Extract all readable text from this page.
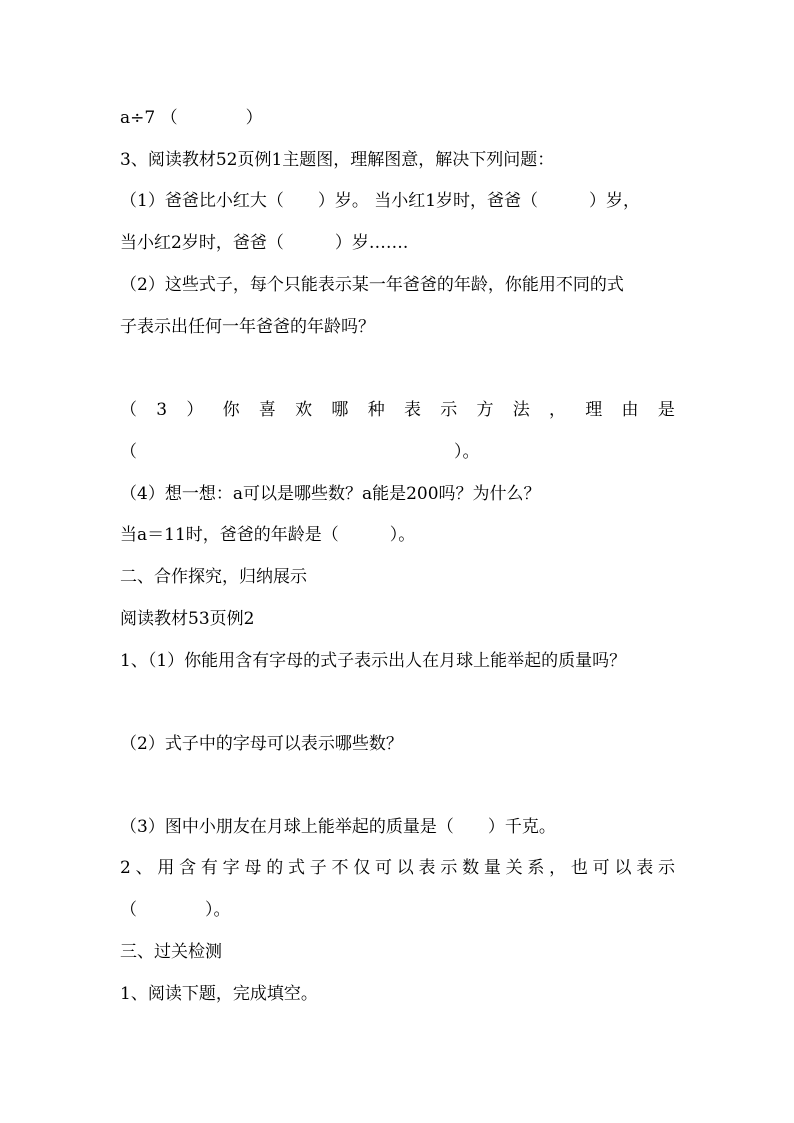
a÷7 （　　　　）
3、阅读教材52页例1主题图，理解图意，解决下列问题：
（1）爸爸比小红大（　　）岁。 当小红1岁时，爸爸（　　　）岁，
当小红2岁时，爸爸（　　　）岁…….
（2）这些式子，每个只能表示某一年爸爸的年龄，你能用不同的式
子表示出任何一年爸爸的年龄吗？
（ 3 ） 你 喜 欢 哪 种 表 示 方 法 ， 理 由 是
（	）。
（4）想一想：a可以是哪些数？a能是200吗？为什么？
当a＝11时，爸爸的年龄是（　　　）。
二、合作探究，归纳展示
阅读教材53页例2
1、（1）你能用含有字母的式子表示出人在月球上能举起的质量吗？
（2）式子中的字母可以表示哪些数？
（3）图中小朋友在月球上能举起的质量是（　　）千克。
2 、 用 含 有 字 母 的 式 子 不 仅 可 以 表 示 数 量 关 系 ， 也 可 以 表 示
（　　　　）。
三、过关检测
1、阅读下题，完成填空。
